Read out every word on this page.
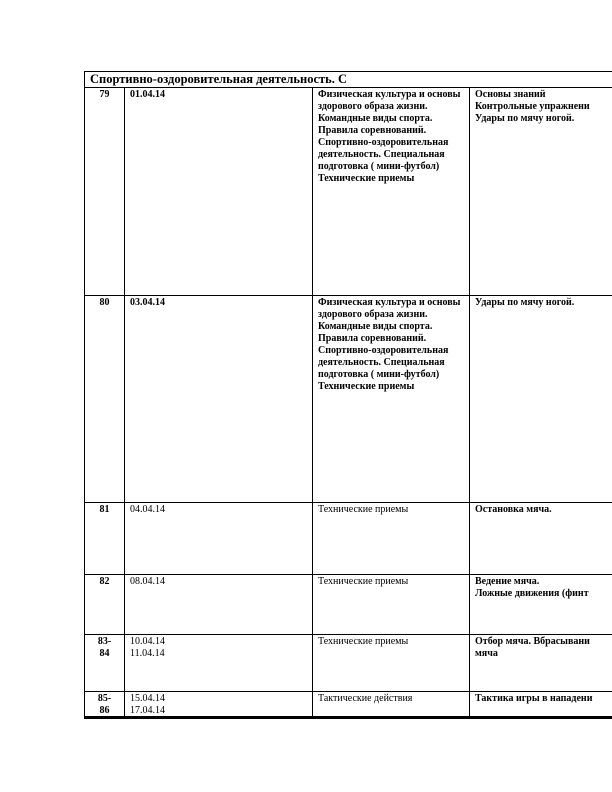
Спортивно-оздоровительная деятельность. С			
79	01.04.14	Физическая культура и основы здорового образа жизни. Командные виды спорта. Правила соревнований. Спортивно-оздоровительная деятельность. Специальная подготовка ( мини-футбол) Технические приемы	Основы знаний
Контрольные упражнени
Удары по мячу ногой.

80	03.04.14	Физическая культура и основы здорового образа жизни. Командные виды спорта. Правила соревнований. Спортивно-оздоровительная деятельность. Специальная подготовка ( мини-футбол) Технические приемы	Удары по мячу ногой.

81	04.04.14	Технические приемы	Остановка мяча.

82	08.04.14	Технические приемы	Ведение мяча.
Ложные движения (финт

83-
84	10.04.14
11.04.14	Технические приемы	Отбор мяча. Вбрасывани
мяча

85-
86	15.04.14
17.04.14	Тактические действия	Тактика игры в нападени
